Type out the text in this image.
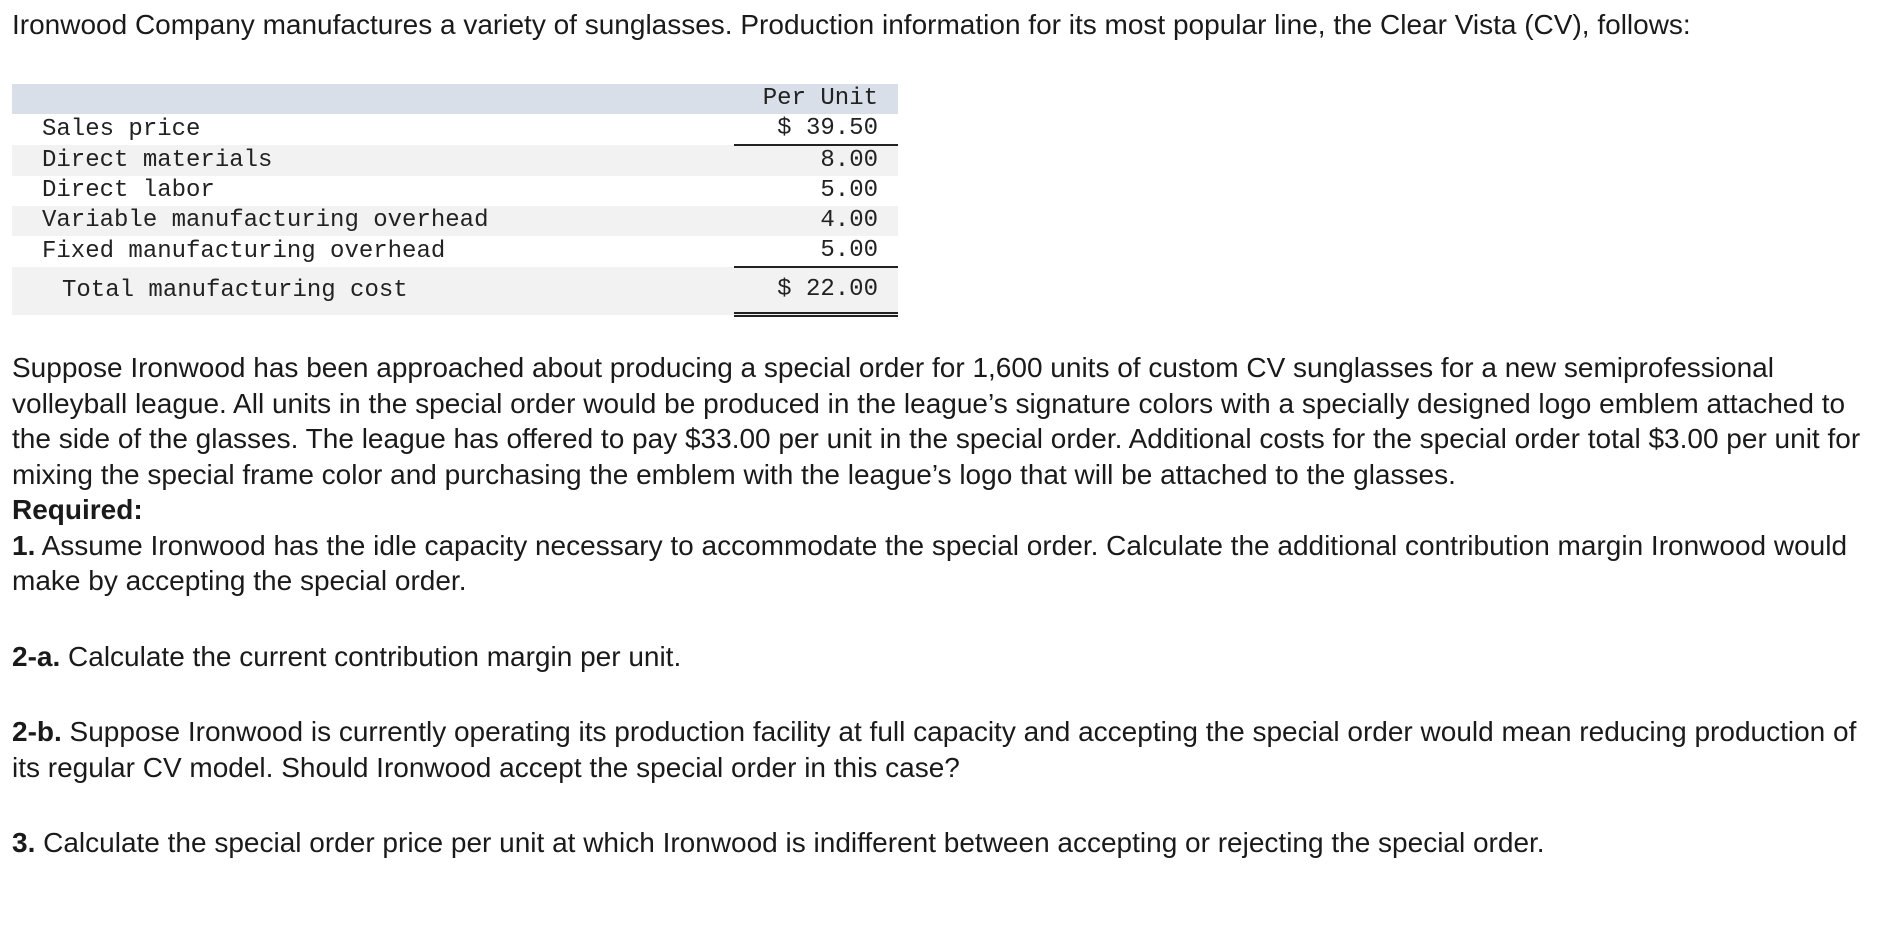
Ironwood Company manufactures a variety of sunglasses. Production information for its most popular line, the Clear Vista (CV), follows:

	Per Unit	
Sales price	$ 39.50	
Direct materials	8.00	
Direct labor	5.00	
Variable manufacturing overhead	4.00	
Fixed manufacturing overhead	5.00	
Total manufacturing cost	$ 22.00	

Suppose Ironwood has been approached about producing a special order for 1,600 units of custom CV sunglasses for a new semiprofessional volleyball league. All units in the special order would be produced in the league’s signature colors with a specially designed logo emblem attached to the side of the glasses. The league has offered to pay $33.00 per unit in the special order. Additional costs for the special order total $3.00 per unit for mixing the special frame color and purchasing the emblem with the league’s logo that will be attached to the glasses.

Required:

1. Assume Ironwood has the idle capacity necessary to accommodate the special order. Calculate the additional contribution margin Ironwood would make by accepting the special order.

2-a. Calculate the current contribution margin per unit.

2-b. Suppose Ironwood is currently operating its production facility at full capacity and accepting the special order would mean reducing production of its regular CV model. Should Ironwood accept the special order in this case?

3. Calculate the special order price per unit at which Ironwood is indifferent between accepting or rejecting the special order.
